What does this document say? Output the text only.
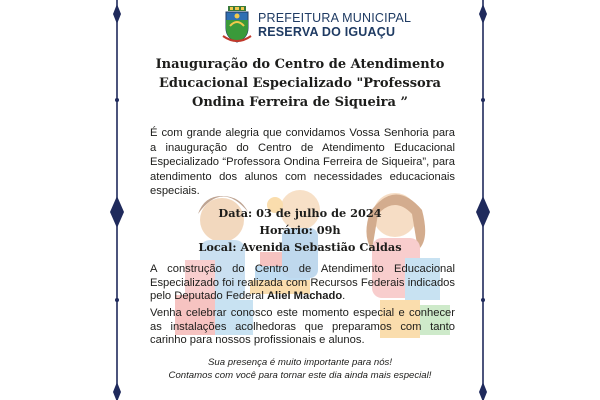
PREFEITURA MUNICIPAL
RESERVA DO IGUAÇU
Inauguração do Centro de Atendimento
Educacional Especializado "Professora
Ondina Ferreira de Siqueira ”

É com grande alegria que convidamos Vossa Senhoria para a inauguração do Centro de Atendimento Educacional Especializado “Professora Ondina Ferreira de Siqueira”, para atendimento dos alunos com necessidades educacionais especiais.

Data: 03 de julho de 2024
Horário: 09h
Local: Avenida Sebastião Caldas

A construção do Centro de Atendimento Educacional Especializado foi realizada com Recursos Federais indicados pelo Deputado Federal Aliel Machado.

Venha celebrar conosco este momento especial e conhecer as instalações acolhedoras que preparamos com tanto carinho para nossos profissionais e alunos.

Sua presença é muito importante para nós!
Contamos com você para tornar este dia ainda mais especial!
